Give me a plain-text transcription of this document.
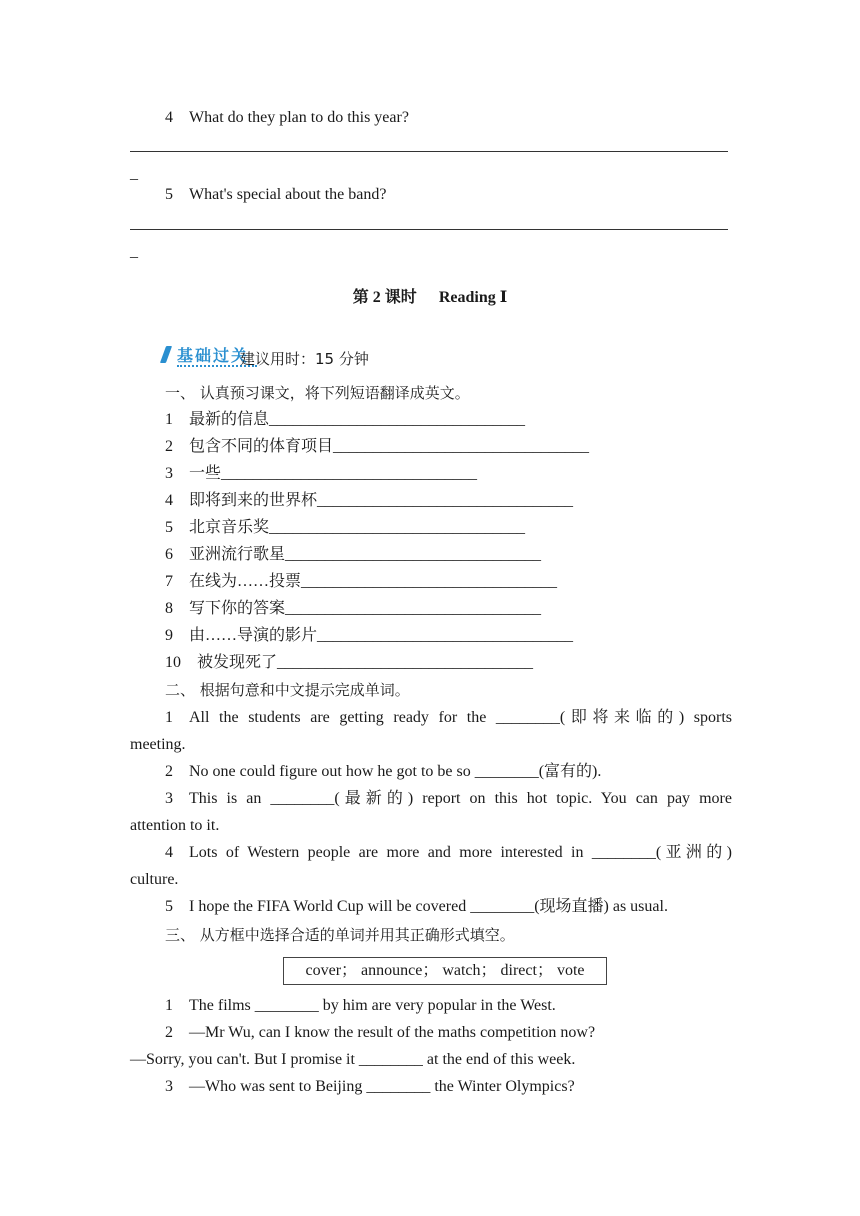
4 What do they plan to do this year?
_
5 What's special about the band?
_
第 2 课时 Reading Ⅰ
基础过关
建议用时：15 分钟
一、 认真预习课文，将下列短语翻译成英文。
1 最新的信息________________________________
2 包含不同的体育项目________________________________
3 一些________________________________
4 即将到来的世界杯________________________________
5 北京音乐奖________________________________
6 亚洲流行歌星________________________________
7 在线为……投票________________________________
8 写下你的答案________________________________
9 由……导演的影片________________________________
10 被发现死了________________________________
二、 根据句意和中文提示完成单词。
1 All the students are getting ready for the ________(即将来临的) sports
meeting.
2 No one could figure out how he got to be so ________(富有的).
3 This is an ________(最新的) report on this hot topic. You can pay more
attention to it.
4 Lots of Western people are more and more interested in ________(亚洲的)
culture.
5 I hope the FIFA World Cup will be covered ________(现场直播) as usual.
三、 从方框中选择合适的单词并用其正确形式填空。
cover； announce； watch； direct； vote
1 The films ________ by him are very popular in the West.
2 —Mr Wu, can I know the result of the maths competition now?
—Sorry, you can't. But I promise it ________ at the end of this week.
3 —Who was sent to Beijing ________ the Winter Olympics?
